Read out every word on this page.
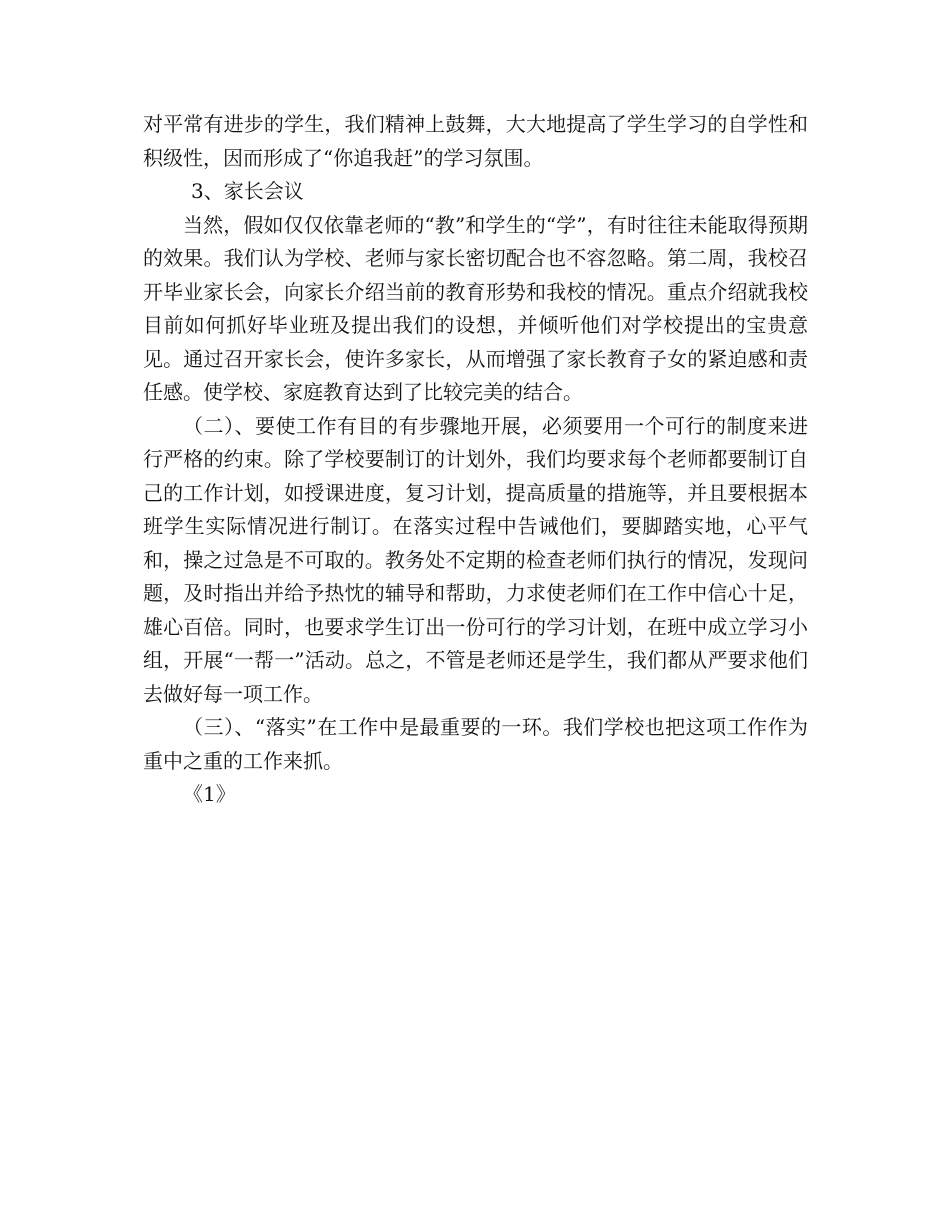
对平常有进步的学生，我们精神上鼓舞，大大地提高了学生学习的自学性和积级性，因而形成了“你追我赶”的学习氛围。

3、家长会议

当然，假如仅仅依靠老师的“教”和学生的“学”，有时往往未能取得预期的效果。我们认为学校、老师与家长密切配合也不容忽略。第二周，我校召开毕业家长会，向家长介绍当前的教育形势和我校的情况。重点介绍就我校目前如何抓好毕业班及提出我们的设想，并倾听他们对学校提出的宝贵意见。通过召开家长会，使许多家长，从而增强了家长教育子女的紧迫感和责任感。使学校、家庭教育达到了比较完美的结合。

（二）、要使工作有目的有步骤地开展，必须要用一个可行的制度来进行严格的约束。除了学校要制订的计划外，我们均要求每个老师都要制订自己的工作计划，如授课进度，复习计划，提高质量的措施等，并且要根据本班学生实际情况进行制订。在落实过程中告诫他们，要脚踏实地，心平气和，操之过急是不可取的。教务处不定期的检查老师们执行的情况，发现问题，及时指出并给予热忱的辅导和帮助，力求使老师们在工作中信心十足，雄心百倍。同时，也要求学生订出一份可行的学习计划，在班中成立学习小组，开展“一帮一”活动。总之，不管是老师还是学生，我们都从严要求他们去做好每一项工作。

（三）、“落实”在工作中是最重要的一环。我们学校也把这项工作作为重中之重的工作来抓。

《1》
